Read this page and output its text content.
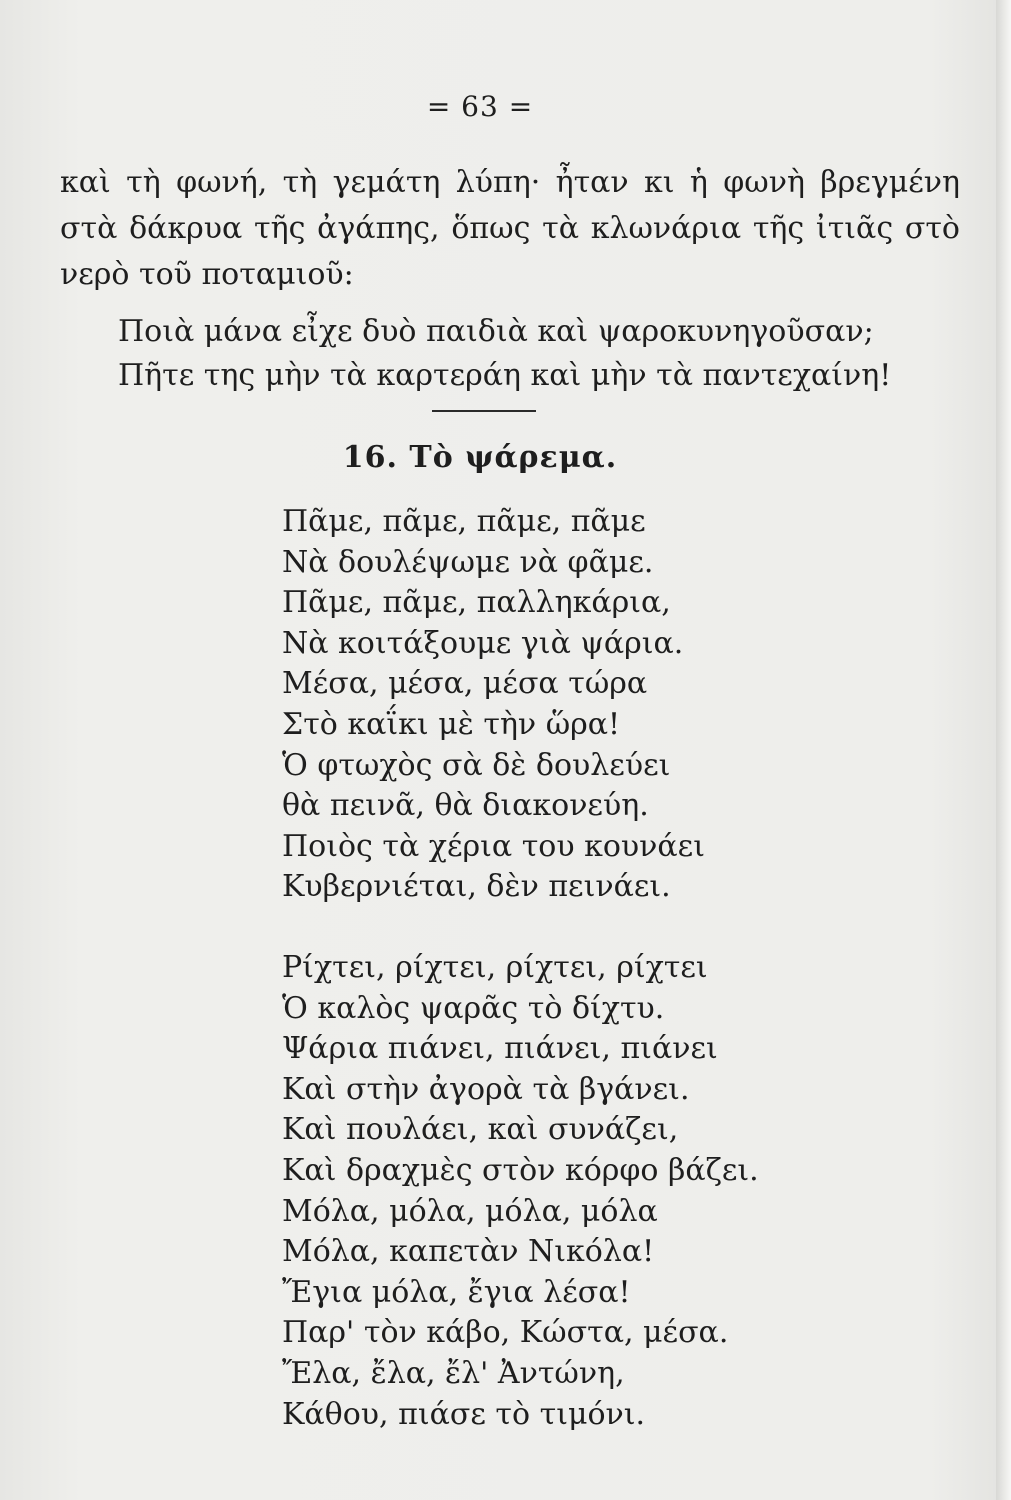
= 63 =

καὶ τὴ φωνή, τὴ γεμάτη λύπη· ἦταν κι ἡ φωνὴ βρεγμένη στὰ δάκρυα τῆς ἀγάπης, ὅπως τὰ κλωνάρια τῆς ἰτιᾶς στὸ νερὸ τοῦ ποταμιοῦ:

Ποιὰ μάνα εἶχε δυὸ παιδιὰ καὶ ψαροκυνηγοῦσαν;
Πῆτε της μὴν τὰ καρτεράη καὶ μὴν τὰ παντεχαίνη!
16. Τὸ ψάρεμα.
Πᾶμε, πᾶμε, πᾶμε, πᾶμε
Νὰ δουλέψωμε νὰ φᾶμε.
Πᾶμε, πᾶμε, παλληκάρια,
Νὰ κοιτάξουμε γιὰ ψάρια.
Μέσα, μέσα, μέσα τώρα
Στὸ καΐκι μὲ τὴν ὥρα!
Ὁ φτωχὸς σὰ δὲ δουλεύει
θὰ πεινᾶ, θὰ διακονεύη.
Ποιὸς τὰ χέρια του κουνάει
Κυβερνιέται, δὲν πεινάει.
Ρίχτει, ρίχτει, ρίχτει, ρίχτει
Ὁ καλὸς ψαρᾶς τὸ δίχτυ.
Ψάρια πιάνει, πιάνει, πιάνει
Καὶ στὴν ἀγορὰ τὰ βγάνει.
Καὶ πουλάει, καὶ συνάζει,
Καὶ δραχμὲς στὸν κόρφο βάζει.
Μόλα, μόλα, μόλα, μόλα
Μόλα, καπετὰν Νικόλα!
Ἔγια μόλα, ἔγια λέσα!
Παρ' τὸν κάβο, Κώστα, μέσα.
Ἔλα, ἔλα, ἔλ' Ἀντώνη,
Κάθου, πιάσε τὸ τιμόνι.
